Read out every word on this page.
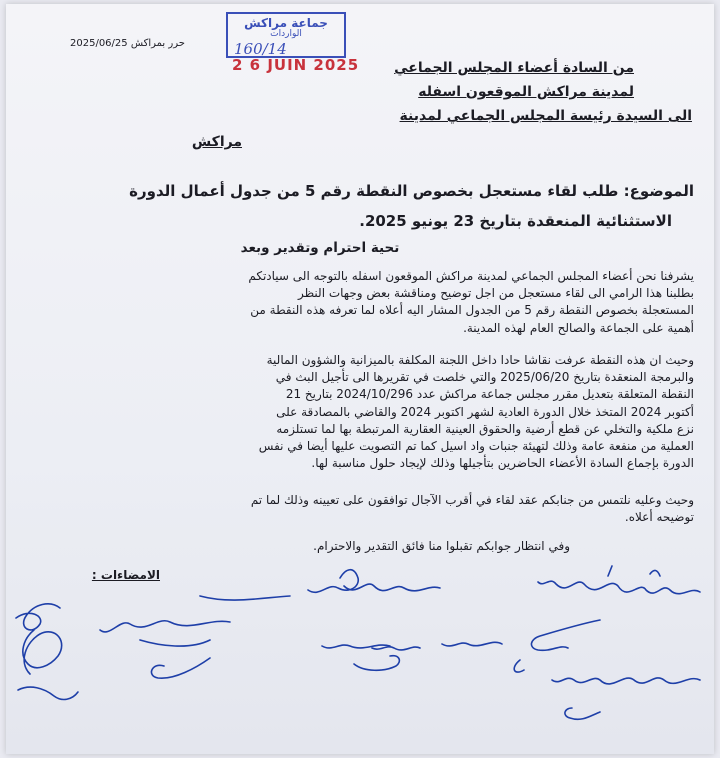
جماعة مراكش
الواردات
160/14
2 6 JUIN 2025
حرر بمراكش 2025/06/25
من السادة أعضاء المجلس الجماعي
لمدينة مراكش الموقعون اسفله
الى السيدة رئيسة المجلس الجماعي لمدينة
مراكش
الموضوع: طلب لقاء مستعجل بخصوص النقطة رقم 5 من جدول أعمال الدورة
الاستثنائية المنعقدة بتاريخ 23 يونيو 2025.
تحية احترام وتقدير وبعد
يشرفنا نحن أعضاء المجلس الجماعي لمدينة مراكش الموقعون اسفله بالتوجه الى سيادتكم
بطلبنا هذا الرامي الى لقاء مستعجل من اجل توضيح ومناقشة بعض وجهات النظر
المستعجلة بخصوص النقطة رقم 5 من الجدول المشار اليه أعلاه لما تعرفه هذه النقطة من
أهمية على الجماعة والصالح العام لهذه المدينة.
وحيث ان هذه النقطة عرفت نقاشا حادا داخل اللجنة المكلفة بالميزانية والشؤون المالية
والبرمجة المنعقدة بتاريخ 2025/06/20 والتي خلصت في تقريرها الى تأجيل البث في
النقطة المتعلقة بتعديل مقرر مجلس جماعة مراكش عدد 2024/10/296 بتاريخ 21
أكتوبر 2024 المتخذ خلال الدورة العادية لشهر اكتوبر 2024 والقاضي بالمصادقة على
نزع ملكية والتخلي عن قطع أرضية والحقوق العينية العقارية المرتبطة بها لما تستلزمه
العملية من منفعة عامة وذلك لتهيئة جنبات واد اسيل كما تم التصويت عليها أيضا في نفس
الدورة بإجماع السادة الأعضاء الحاضرين بتأجيلها وذلك لإيجاد حلول مناسبة لها.
وحيث وعليه نلتمس من جنابكم عقد لقاء في أقرب الآجال توافقون على تعيينه وذلك لما تم
توضيحه أعلاه.
وفي انتظار جوابكم تقبلوا منا فائق التقدير والاحترام.
الامضاءات :
